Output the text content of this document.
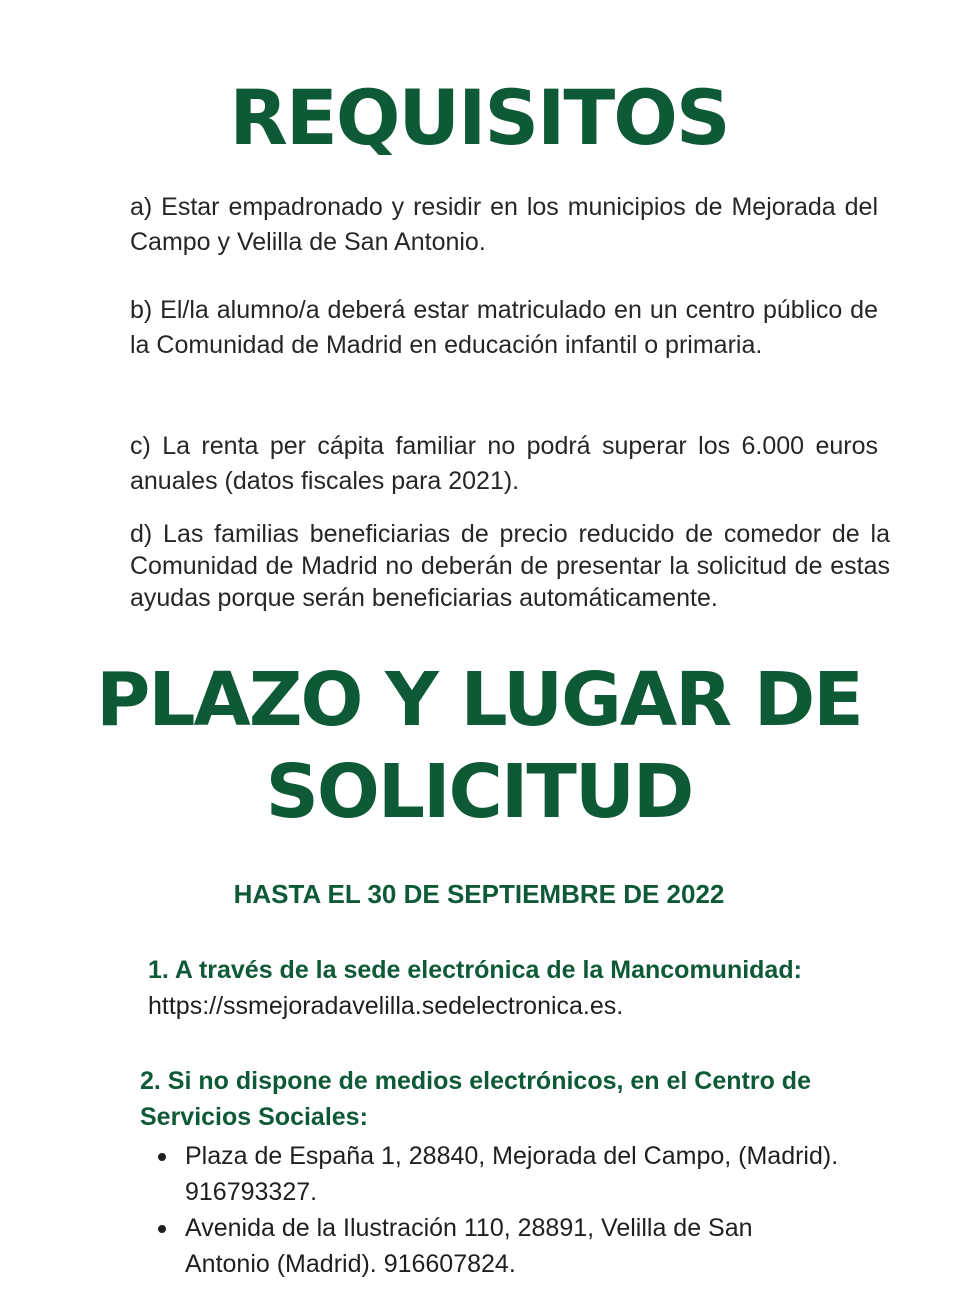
REQUISITOS

a) Estar empadronado y residir en los municipios de Mejorada del Campo y Velilla de San Antonio.

b) El/la alumno/a deberá estar matriculado en un centro público de la Comunidad de Madrid en educación infantil o primaria.

c) La renta per cápita familiar no podrá superar los 6.000 euros anuales (datos fiscales para 2021).

d) Las familias beneficiarias de precio reducido de comedor de la Comunidad de Madrid no deberán de presentar la solicitud de estas ayudas porque serán beneficiarias automáticamente.

PLAZO Y LUGAR DE
SOLICITUD

HASTA EL 30 DE SEPTIEMBRE DE 2022

1. A través de la sede electrónica de la Mancomunidad:

https://ssmejoradavelilla.sedelectronica.es.

2. Si no dispone de medios electrónicos, en el Centro de Servicios Sociales:

Plaza de España 1, 28840, Mejorada del Campo, (Madrid). 916793327.
Avenida de la Ilustración 110, 28891, Velilla de San Antonio (Madrid). 916607824.
